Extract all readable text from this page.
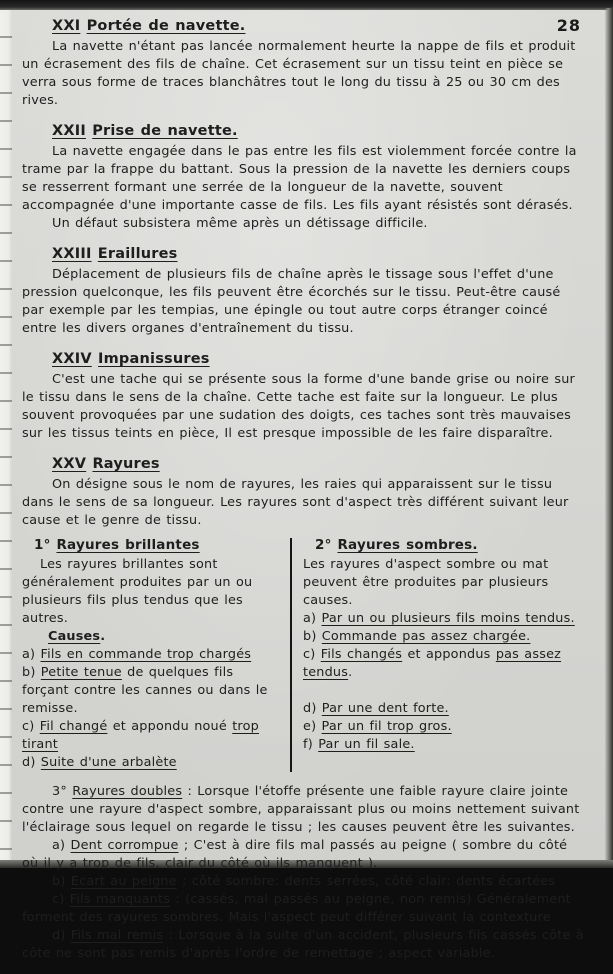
28
XXI Portée de navette.

La navette n'étant pas lancée normalement heurte la nappe de fils et produit un écrasement des fils de chaîne. Cet écrasement sur un tissu teint en pièce se verra sous forme de traces blanchâtres tout le long du tissu à 25 ou 30 cm des rives.

XXII Prise de navette.

La navette engagée dans le pas entre les fils est violemment forcée contre la trame par la frappe du battant. Sous la pression de la navette les derniers coups se resserrent formant une serrée de la longueur de la navette, souvent accompagnée d'une importante casse de fils. Les fils ayant résistés sont dérasés.

Un défaut subsistera même après un détissage difficile.

XXIII Eraillures

Déplacement de plusieurs fils de chaîne après le tissage sous l'effet d'une pression quelconque, les fils peuvent être écorchés sur le tissu. Peut-être causé par exemple par les tempias, une épingle ou tout autre corps étranger coincé entre les divers organes d'entraînement du tissu.

XXIV Impanissures

C'est une tache qui se présente sous la forme d'une bande grise ou noire sur le tissu dans le sens de la chaîne. Cette tache est faite sur la longueur. Le plus souvent provoquées par une sudation des doigts, ces taches sont très mauvaises sur les tissus teints en pièce, Il est presque impossible de les faire disparaître.

XXV Rayures

On désigne sous le nom de rayures, les raies qui apparaissent sur le tissu dans le sens de sa longueur. Les rayures sont d'aspect très différent suivant leur cause et le genre de tissu.

1° Rayures brillantes

Les rayures brillantes sont généralement produites par un ou plusieurs fils plus tendus que les autres.

Causes.

a) Fils en commande trop chargés

b) Petite tenue de quelques fils forçant contre les cannes ou dans le remisse.

c) Fil changé et appondu noué trop tirant

d) Suite d'une arbalète

2° Rayures sombres.

Les rayures d'aspect sombre ou mat peuvent être produites par plusieurs causes.

a) Par un ou plusieurs fils moins tendus.

b) Commande pas assez chargée.

c) Fils changés et appondus pas assez tendus.

d) Par une dent forte.

e) Par un fil trop gros.

f) Par un fil sale.

3° Rayures doubles : Lorsque l'étoffe présente une faible rayure claire jointe contre une rayure d'aspect sombre, apparaissant plus ou moins nettement suivant l'éclairage sous lequel on regarde le tissu ; les causes peuvent être les suivantes.

a) Dent corrompue ; C'est à dire fils mal passés au peigne ( sombre du côté où il y a trop de fils, clair du côté où ils manquent ).

b) Ecart au peigne ; côté sombre: dents serrées, côté clair: dents écartées

c) Fils manquants : (cassés, mal passés au peigne, non remis) Généralement forment des rayures sombres. Mais l'aspect peut différer suivant la contexture

d) Fils mal remis : Lorsque à la suite d'un accident, plusieurs fils cassés côte à côte ne sont pas remis d'après l'ordre de remettage ; aspect variable.
